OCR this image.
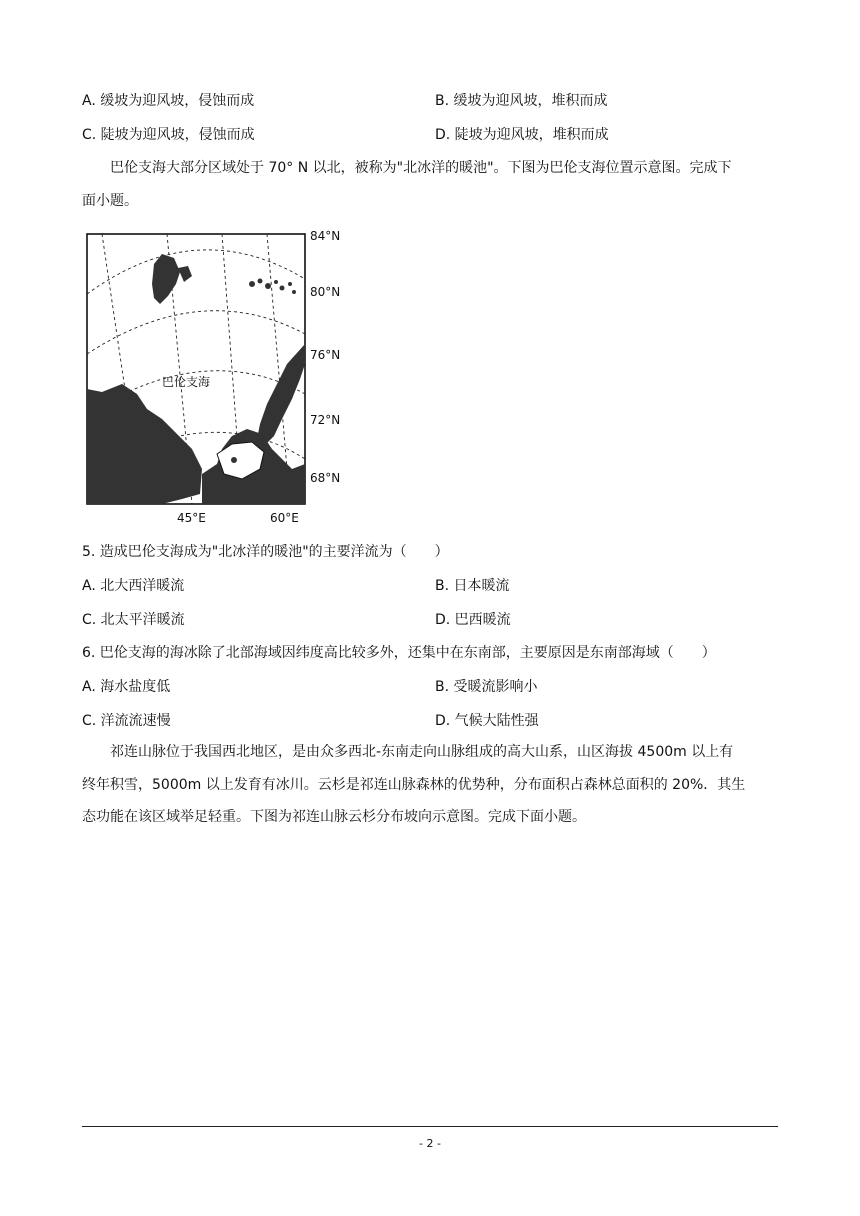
A. 缓坡为迎风坡，侵蚀而成	B. 缓坡为迎风坡，堆积而成
C. 陡坡为迎风坡，侵蚀而成	D. 陡坡为迎风坡，堆积而成
巴伦支海大部分区域处于 70° N 以北，被称为"北冰洋的暖池"。下图为巴伦支海位置示意图。完成下
面小题。
巴伦支海
84°N
80°N
76°N
72°N
68°N
45°E	60°E
5. 造成巴伦支海成为"北冰洋的暖池"的主要洋流为（　　）
A. 北大西洋暖流	B. 日本暖流
C. 北太平洋暖流	D. 巴西暖流
6. 巴伦支海的海冰除了北部海域因纬度高比较多外，还集中在东南部，主要原因是东南部海域（　　）
A. 海水盐度低	B. 受暖流影响小
C. 洋流流速慢	D. 气候大陆性强
祁连山脉位于我国西北地区，是由众多西北-东南走向山脉组成的高大山系，山区海拔 4500m 以上有
终年积雪，5000m 以上发育有冰川。云杉是祁连山脉森林的优势种，分布面积占森林总面积的 20%．其生
态功能在该区域举足轻重。下图为祁连山脉云杉分布坡向示意图。完成下面小题。
- 2 -
